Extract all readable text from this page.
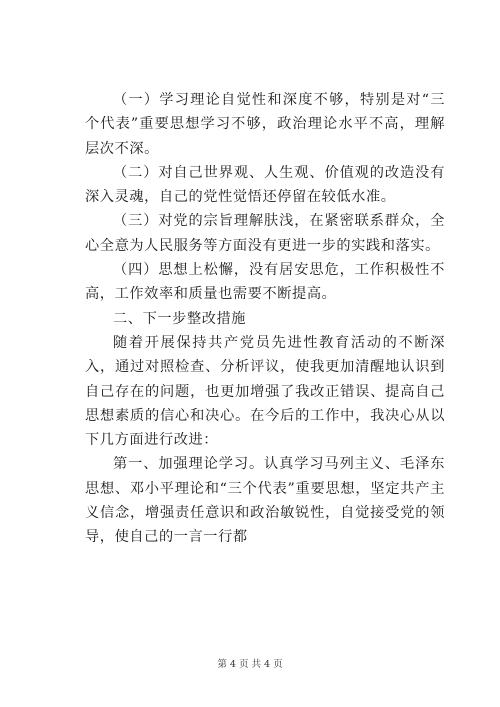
（一）学习理论自觉性和深度不够，特别是对“三个代表”重要思想学习不够，政治理论水平不高，理解层次不深。

（二）对自己世界观、人生观、价值观的改造没有深入灵魂，自己的党性觉悟还停留在较低水准。

（三）对党的宗旨理解肤浅，在紧密联系群众，全心全意为人民服务等方面没有更进一步的实践和落实。

（四）思想上松懈，没有居安思危，工作积极性不高，工作效率和质量也需要不断提高。

二、下一步整改措施

随着开展保持共产党员先进性教育活动的不断深入，通过对照检查、分析评议，使我更加清醒地认识到自己存在的问题，也更加增强了我改正错误、提高自己思想素质的信心和决心。在今后的工作中，我决心从以下几方面进行改进：

第一、加强理论学习。认真学习马列主义、毛泽东思想、邓小平理论和“三个代表”重要思想，坚定共产主义信念，增强责任意识和政治敏锐性，自觉接受党的领导，使自己的一言一行都

第 4 页 共 4 页
